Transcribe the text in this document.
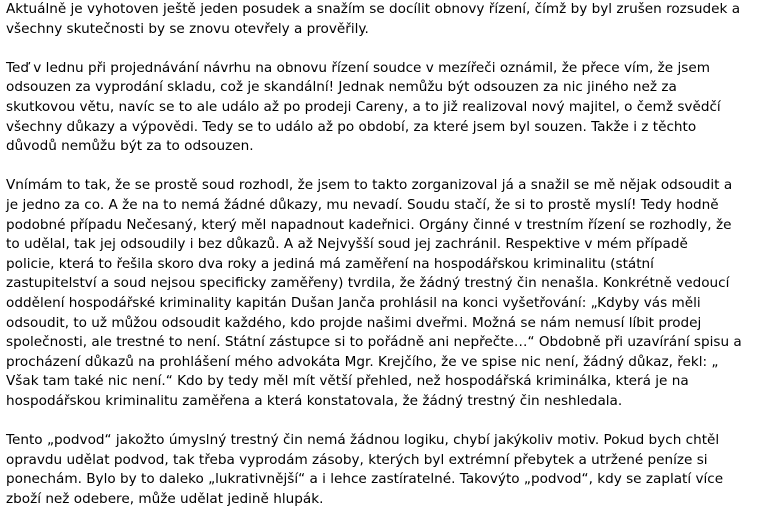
Aktuálně je vyhotoven ještě jeden posudek a snažím se docílit obnovy řízení, čímž by byl zrušen rozsudek a
všechny skutečnosti by se znovu otevřely a prověřily.

Teď v lednu při projednávání návrhu na obnovu řízení soudce v mezířeči oznámil, že přece vím, že jsem
odsouzen za vyprodání skladu, což je skandální! Jednak nemůžu být odsouzen za nic jiného než za
skutkovou větu, navíc se to ale událo až po prodeji Careny, a to již realizoval nový majitel, o čemž svědčí
všechny důkazy a výpovědi. Tedy se to událo až po období, za které jsem byl souzen. Takže i z těchto
důvodů nemůžu být za to odsouzen.

Vnímám to tak, že se prostě soud rozhodl, že jsem to takto zorganizoval já a snažil se mě nějak odsoudit a
je jedno za co. A že na to nemá žádné důkazy, mu nevadí. Soudu stačí, že si to prostě myslí! Tedy hodně
podobné případu Nečesaný, který měl napadnout kadeřnici. Orgány činné v trestním řízení se rozhodly, že
to udělal, tak jej odsoudily i bez důkazů. A až Nejvyšší soud jej zachránil. Respektive v mém případě
policie, která to řešila skoro dva roky a jediná má zaměření na hospodářskou kriminalitu (státní
zastupitelství a soud nejsou specificky zaměřeny) tvrdila, že žádný trestný čin nenašla. Konkrétně vedoucí
oddělení hospodářské kriminality kapitán Dušan Janča prohlásil na konci vyšetřování: „Kdyby vás měli
odsoudit, to už můžou odsoudit každého, kdo projde našimi dveřmi. Možná se nám nemusí líbit prodej
společnosti, ale trestné to není. Státní zástupce si to pořádně ani nepřečte…“ Obdobně při uzavírání spisu a
procházení důkazů na prohlášení mého advokáta Mgr. Krejčího, že ve spise nic není, žádný důkaz, řekl: „
Však tam také nic není.“ Kdo by tedy měl mít větší přehled, než hospodářská kriminálka, která je na
hospodářskou kriminalitu zaměřena a která konstatovala, že žádný trestný čin neshledala.

Tento „podvod“ jakožto úmyslný trestný čin nemá žádnou logiku, chybí jakýkoliv motiv. Pokud bych chtěl
opravdu udělat podvod, tak třeba vyprodám zásoby, kterých byl extrémní přebytek a utržené peníze si
ponechám. Bylo by to daleko „lukrativnější“ a i lehce zastíratelné. Takovýto „podvod“, kdy se zaplatí více
zboží než odebere, může udělat jedině hlupák.
